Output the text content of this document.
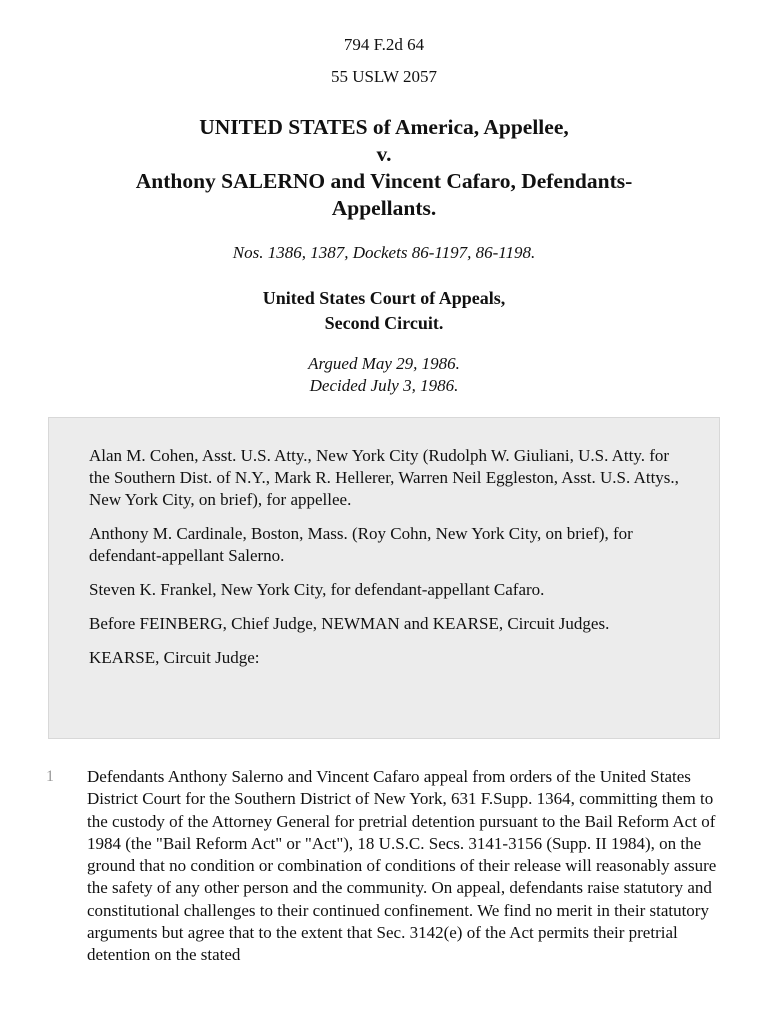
794 F.2d 64
55 USLW 2057
UNITED STATES of America, Appellee,
v.
Anthony SALERNO and Vincent Cafaro, Defendants-
Appellants.
Nos. 1386, 1387, Dockets 86-1197, 86-1198.
United States Court of Appeals,
Second Circuit.
Argued May 29, 1986.
Decided July 3, 1986.

Alan M. Cohen, Asst. U.S. Atty., New York City (Rudolph W. Giuliani, U.S. Atty. for the Southern Dist. of N.Y., Mark R. Hellerer, Warren Neil Eggleston, Asst. U.S. Attys., New York City, on brief), for appellee.

Anthony M. Cardinale, Boston, Mass. (Roy Cohn, New York City, on brief), for defendant-appellant Salerno.

Steven K. Frankel, New York City, for defendant-appellant Cafaro.

Before FEINBERG, Chief Judge, NEWMAN and KEARSE, Circuit Judges.

KEARSE, Circuit Judge:

1 Defendants Anthony Salerno and Vincent Cafaro appeal from orders of the United States District Court for the Southern District of New York, 631 F.Supp. 1364, committing them to the custody of the Attorney General for pretrial detention pursuant to the Bail Reform Act of 1984 (the "Bail Reform Act" or "Act"), 18 U.S.C. Secs. 3141-3156 (Supp. II 1984), on the ground that no condition or combination of conditions of their release will reasonably assure the safety of any other person and the community. On appeal, defendants raise statutory and constitutional challenges to their continued confinement. We find no merit in their statutory arguments but agree that to the extent that Sec. 3142(e) of the Act permits their pretrial detention on the stated
